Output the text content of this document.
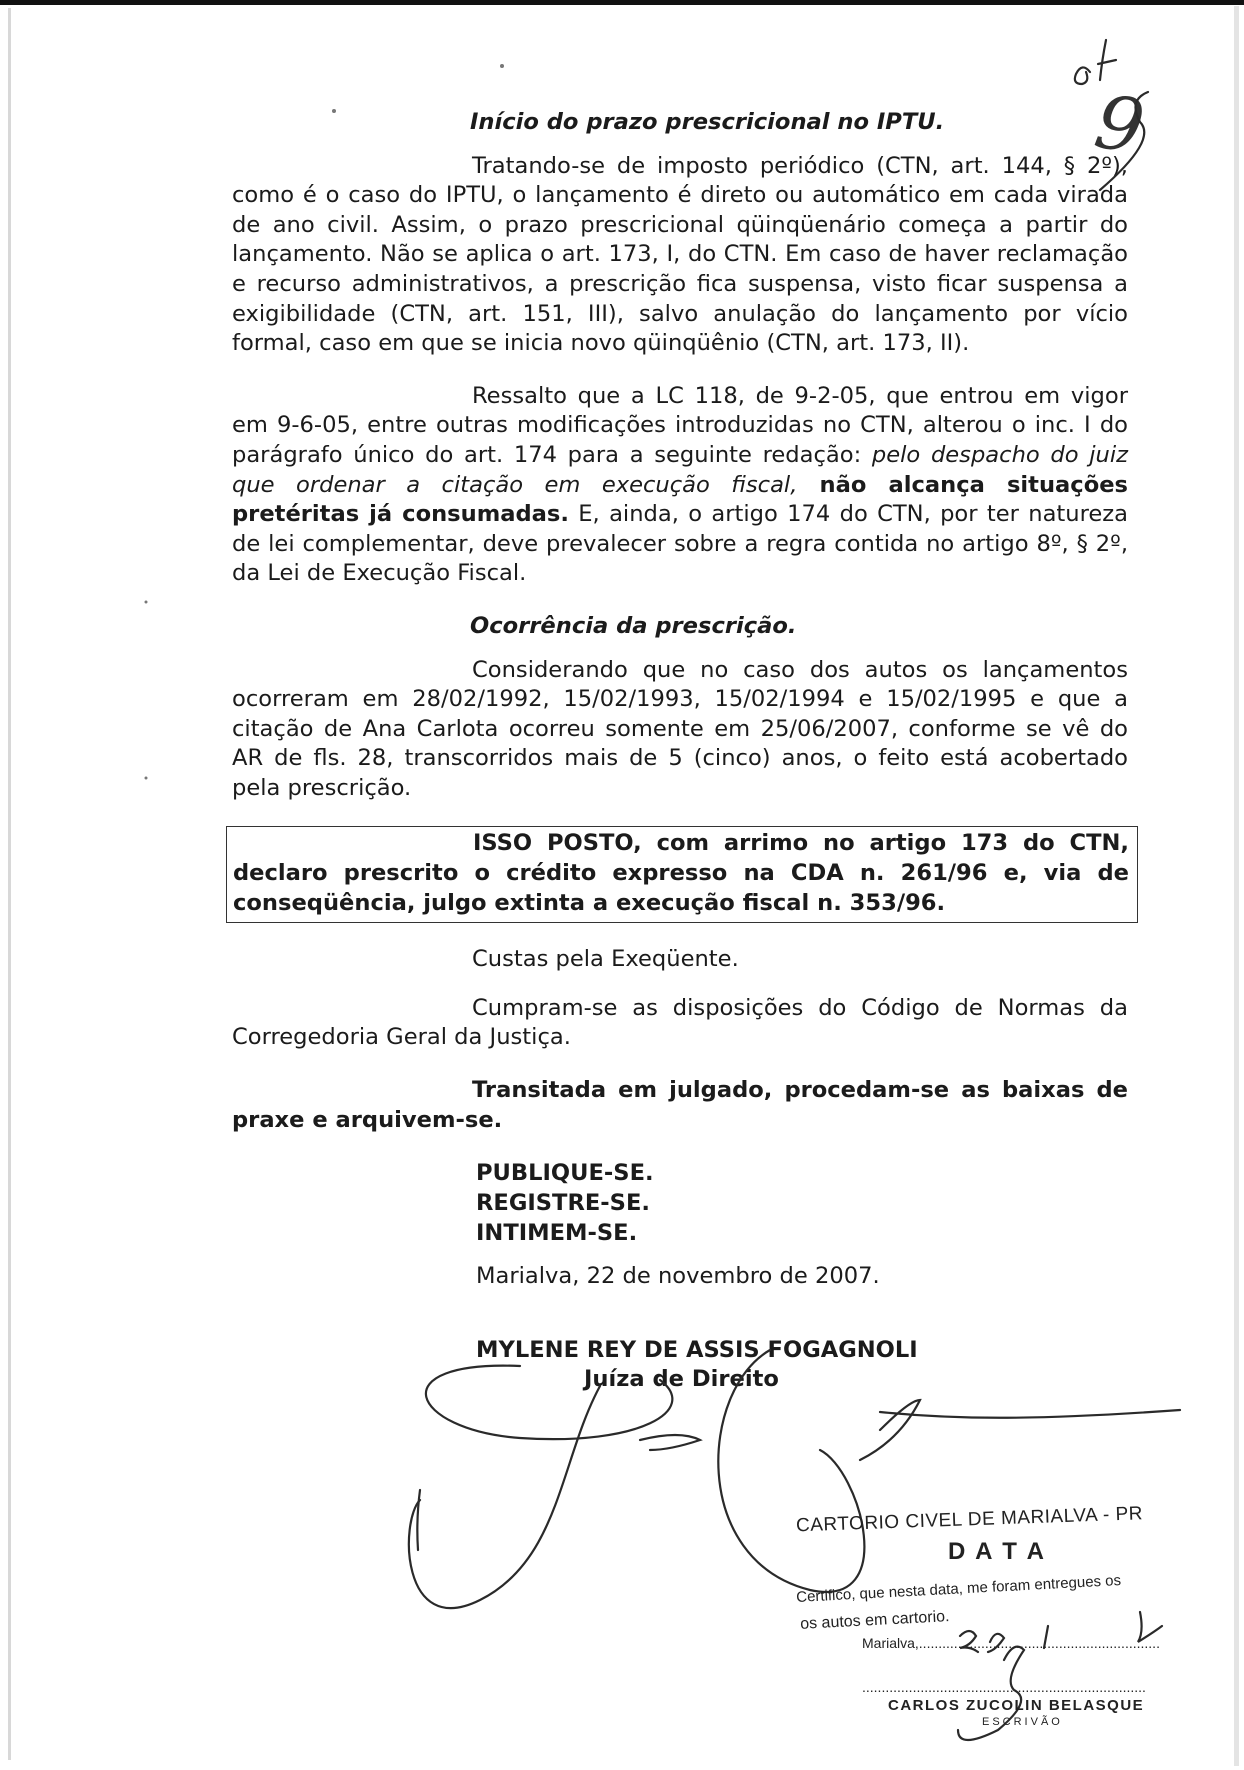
9
Início do prazo prescricional no IPTU.
Tratando-se de imposto periódico (CTN, art. 144, § 2º), como é o caso do IPTU, o lançamento é direto ou automático em cada virada de ano civil. Assim, o prazo prescricional qüinqüenário começa a partir do lançamento. Não se aplica o art. 173, I, do CTN. Em caso de haver reclamação e recurso administrativos, a prescrição fica suspensa, visto ficar suspensa a exigibilidade (CTN, art. 151, III), salvo anulação do lançamento por vício formal, caso em que se inicia novo qüinqüênio (CTN, art. 173, II).
Ressalto que a LC 118, de 9-2-05, que entrou em vigor em 9-6-05, entre outras modificações introduzidas no CTN, alterou o inc. I do parágrafo único do art. 174 para a seguinte redação: pelo despacho do juiz que ordenar a citação em execução fiscal, não alcança situações pretéritas já consumadas. E, ainda, o artigo 174 do CTN, por ter natureza de lei complementar, deve prevalecer sobre a regra contida no artigo 8º, § 2º, da Lei de Execução Fiscal.
Ocorrência da prescrição.
Considerando que no caso dos autos os lançamentos ocorreram em 28/02/1992, 15/02/1993, 15/02/1994 e 15/02/1995 e que a citação de Ana Carlota ocorreu somente em 25/06/2007, conforme se vê do AR de fls. 28, transcorridos mais de 5 (cinco) anos, o feito está acobertado pela prescrição.
ISSO POSTO, com arrimo no artigo 173 do CTN, declaro prescrito o crédito expresso na CDA n. 261/96 e, via de conseqüência, julgo extinta a execução fiscal n. 353/96.
Custas pela Exeqüente.
Cumpram-se as disposições do Código de Normas da Corregedoria Geral da Justiça.
Transitada em julgado, procedam-se as baixas de praxe e arquivem-se.
PUBLIQUE-SE.
REGISTRE-SE.
INTIMEM-SE.
Marialva, 22 de novembro de 2007.
MYLENE REY DE ASSIS FOGAGNOLI
Juíza de Direito
CARTORIO CIVEL DE MARIALVA - PR
D A T A
Certifico, que nesta data, me foram entregues os
os autos em cartorio.
Marialva,..............................................................
.........................................................................
CARLOS ZUCOLIN BELASQUE
ESCRIVÃO
